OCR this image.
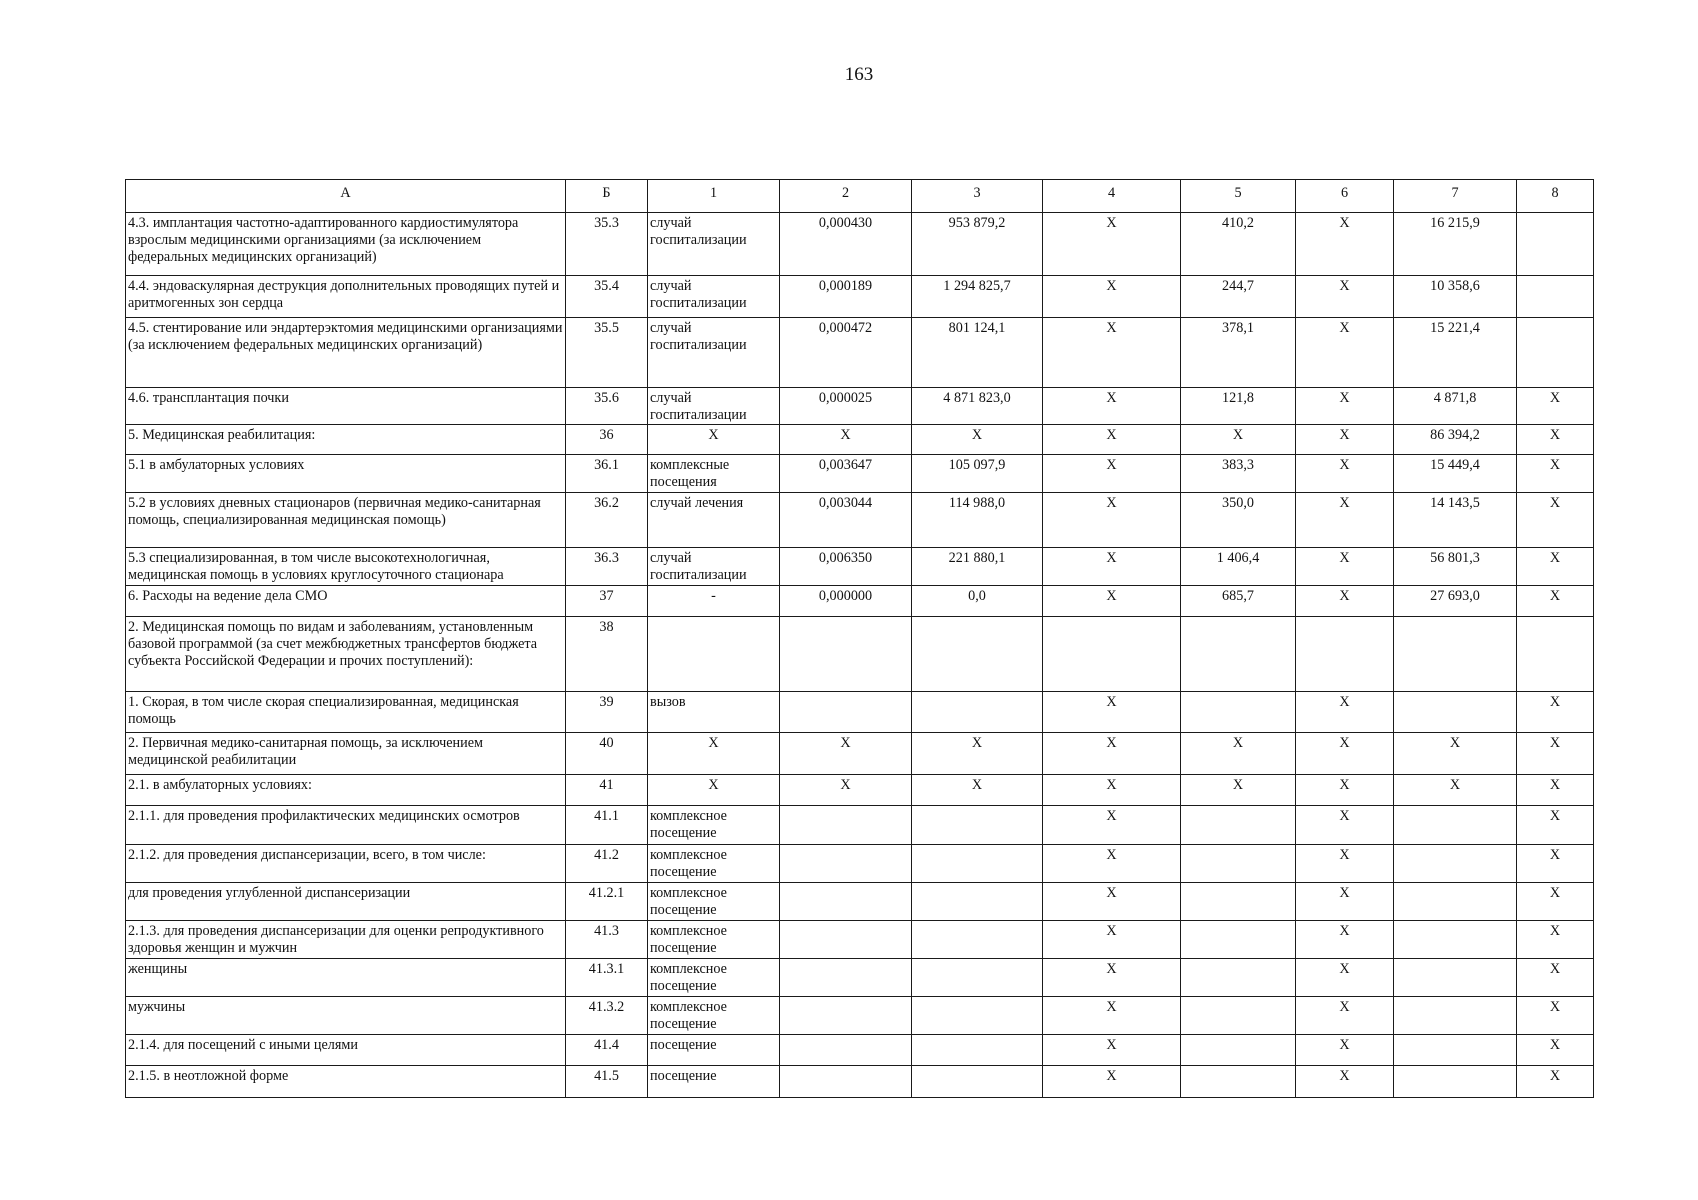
163
А	Б	1	2	3	4	5	6	7	8
4.3. имплантация частотно-адаптированного кардиостимулятора взрослым медицинскими организациями (за исключением федеральных медицинских организаций)	35.3	случай госпитализации	0,000430	953 879,2	X	410,2	X	16 215,9	
4.4. эндоваскулярная деструкция дополнительных проводящих путей и аритмогенных зон сердца	35.4	случай госпитализации	0,000189	1 294 825,7	X	244,7	X	10 358,6	
4.5. стентирование или эндартерэктомия медицинскими организациями (за исключением федеральных медицинских организаций)	35.5	случай госпитализации	0,000472	801 124,1	X	378,1	X	15 221,4	
4.6. трансплантация почки	35.6	случай госпитализации	0,000025	4 871 823,0	X	121,8	X	4 871,8	X
5. Медицинская реабилитация:	36	X	X	X	X	X	X	86 394,2	X
5.1 в амбулаторных условиях	36.1	комплексные посещения	0,003647	105 097,9	X	383,3	X	15 449,4	X
5.2 в условиях дневных стационаров (первичная медико-санитарная помощь, специализированная медицинская помощь)	36.2	случай лечения	0,003044	114 988,0	X	350,0	X	14 143,5	X
5.3 специализированная, в том числе высокотехнологичная, медицинская помощь в условиях круглосуточного стационара	36.3	случай госпитализации	0,006350	221 880,1	X	1 406,4	X	56 801,3	X
6. Расходы на ведение дела СМО	37	-	0,000000	0,0	X	685,7	X	27 693,0	X
2. Медицинская помощь по видам и заболеваниям, установленным базовой программой (за счет межбюджетных трансфертов бюджета субъекта Российской Федерации и прочих поступлений):	38								
1. Скорая, в том числе скорая специализированная, медицинская помощь	39	вызов			X		X		X
2. Первичная медико-санитарная помощь, за исключением медицинской реабилитации	40	X	X	X	X	X	X	X	X
2.1. в амбулаторных условиях:	41	X	X	X	X	X	X	X	X
2.1.1. для проведения профилактических медицинских осмотров	41.1	комплексное посещение			X		X		X
2.1.2. для проведения диспансеризации, всего, в том числе:	41.2	комплексное посещение			X		X		X
для проведения углубленной диспансеризации	41.2.1	комплексное посещение			X		X		X
2.1.3. для проведения диспансеризации для оценки репродуктивного здоровья женщин и мужчин	41.3	комплексное посещение			X		X		X
женщины	41.3.1	комплексное посещение			X		X		X
мужчины	41.3.2	комплексное посещение			X		X		X
2.1.4. для посещений с иными целями	41.4	посещение			X		X		X
2.1.5. в неотложной форме	41.5	посещение			X		X		X
